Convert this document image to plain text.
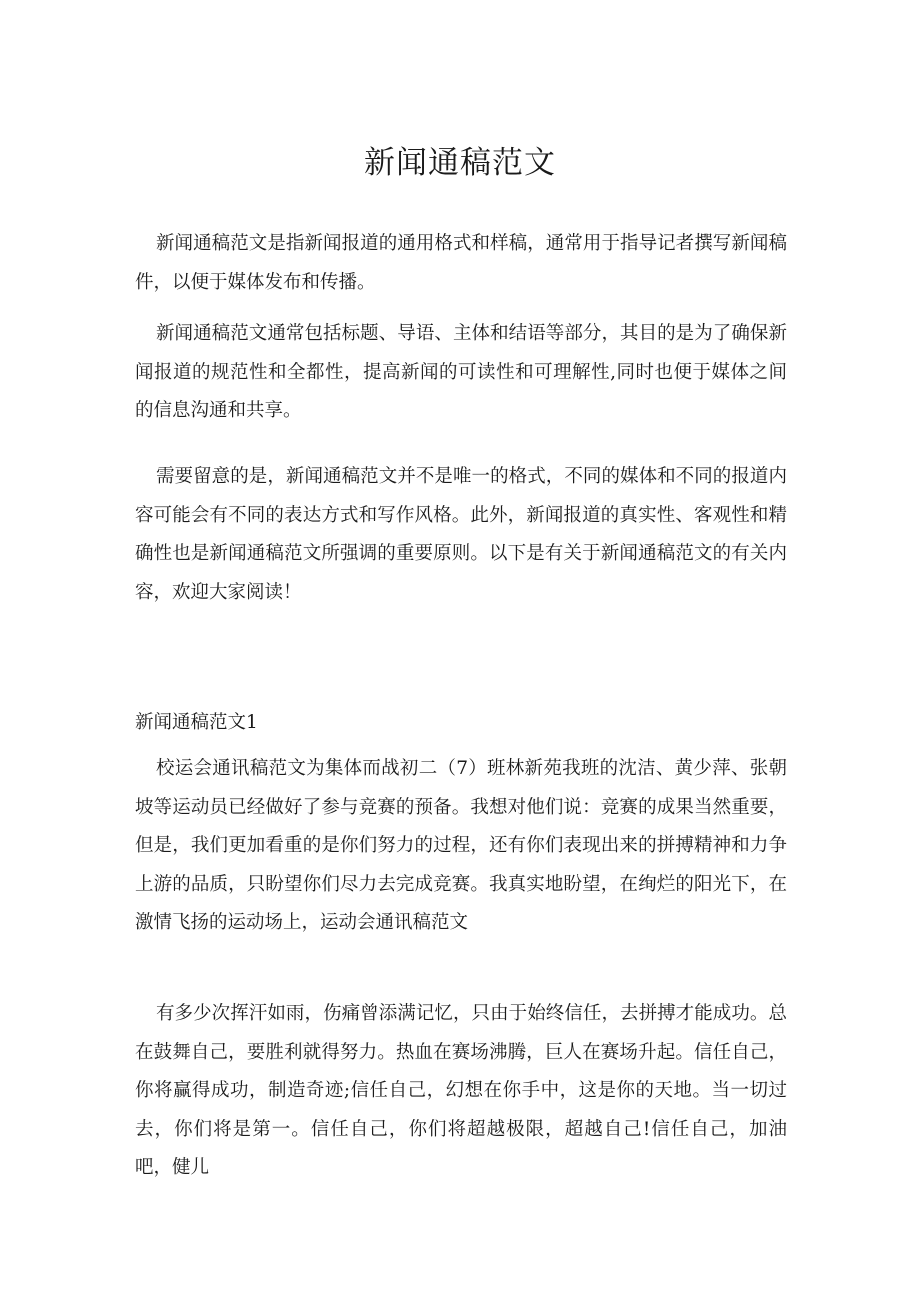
新闻通稿范文

新闻通稿范文是指新闻报道的通用格式和样稿，通常用于指导记者撰写新闻稿件，以便于媒体发布和传播。

新闻通稿范文通常包括标题、导语、主体和结语等部分，其目的是为了确保新闻报道的规范性和全都性，提高新闻的可读性和可理解性,同时也便于媒体之间的信息沟通和共享。

需要留意的是，新闻通稿范文并不是唯一的格式，不同的媒体和不同的报道内容可能会有不同的表达方式和写作风格。此外，新闻报道的真实性、客观性和精确性也是新闻通稿范文所强调的重要原则。以下是有关于新闻通稿范文的有关内容，欢迎大家阅读！

新闻通稿范文1

校运会通讯稿范文为集体而战初二（7）班林新苑我班的沈洁、黄少萍、张朝坡等运动员已经做好了参与竞赛的预备。我想对他们说：竞赛的成果当然重要，但是，我们更加看重的是你们努力的过程，还有你们表现出来的拼搏精神和力争上游的品质，只盼望你们尽力去完成竞赛。我真实地盼望，在绚烂的阳光下，在激情飞扬的运动场上，运动会通讯稿范文

有多少次挥汗如雨，伤痛曾添满记忆，只由于始终信任，去拼搏才能成功。总在鼓舞自己，要胜利就得努力。热血在赛场沸腾，巨人在赛场升起。信任自己，你将赢得成功，制造奇迹;信任自己，幻想在你手中，这是你的天地。当一切过去，你们将是第一。信任自己，你们将超越极限，超越自己!信任自己，加油吧，健儿
